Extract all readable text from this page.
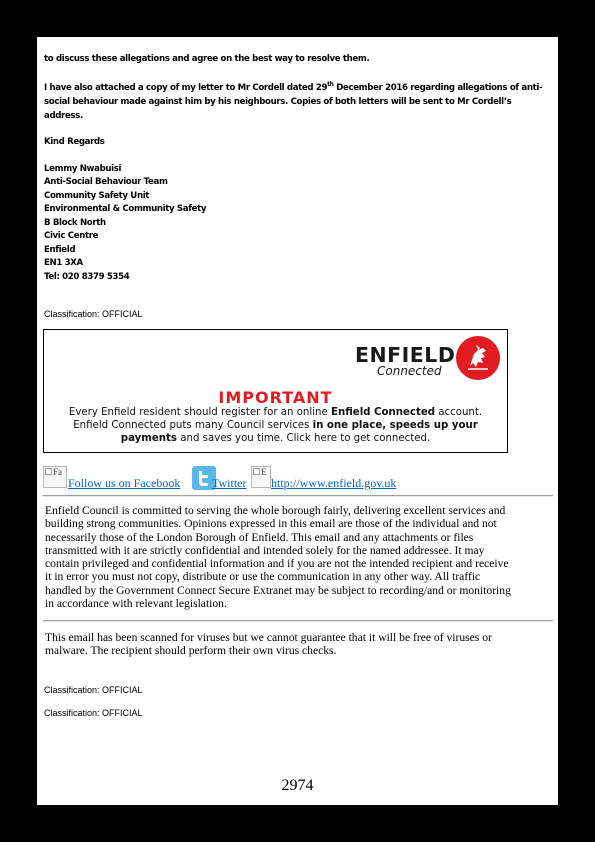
to discuss these allegations and agree on the best way to resolve them.
I have also attached a copy of my letter to Mr Cordell dated 29th December 2016 regarding allegations of anti-
social behaviour made against him by his neighbours. Copies of both letters will be sent to Mr Cordell’s
address.
Kind Regards
Lemmy Nwabuisi
Anti-Social Behaviour Team
Community Safety Unit
Environmental & Community Safety
B Block North
Civic Centre
Enfield
EN1 3XA
Tel: 020 8379 5354
Classification: OFFICIAL
ENFIELD
Connected
IMPORTANT
Every Enfield resident should register for an online Enfield Connected account.
Enfield Connected puts many Council services in one place, speeds up your
payments and saves you time. Click here to get connected.
Fa
Follow us on Facebook	Twitter
E
http://www.enfield.gov.uk
Enfield Council is committed to serving the whole borough fairly, delivering excellent services and
building strong communities. Opinions expressed in this email are those of the individual and not
necessarily those of the London Borough of Enfield. This email and any attachments or files
transmitted with it are strictly confidential and intended solely for the named addressee. It may
contain privileged and confidential information and if you are not the intended recipient and receive
it in error you must not copy, distribute or use the communication in any other way. All traffic
handled by the Government Connect Secure Extranet may be subject to recording/and or monitoring
in accordance with relevant legislation.
This email has been scanned for viruses but we cannot guarantee that it will be free of viruses or
malware. The recipient should perform their own virus checks.
Classification: OFFICIAL
Classification: OFFICIAL
2974
